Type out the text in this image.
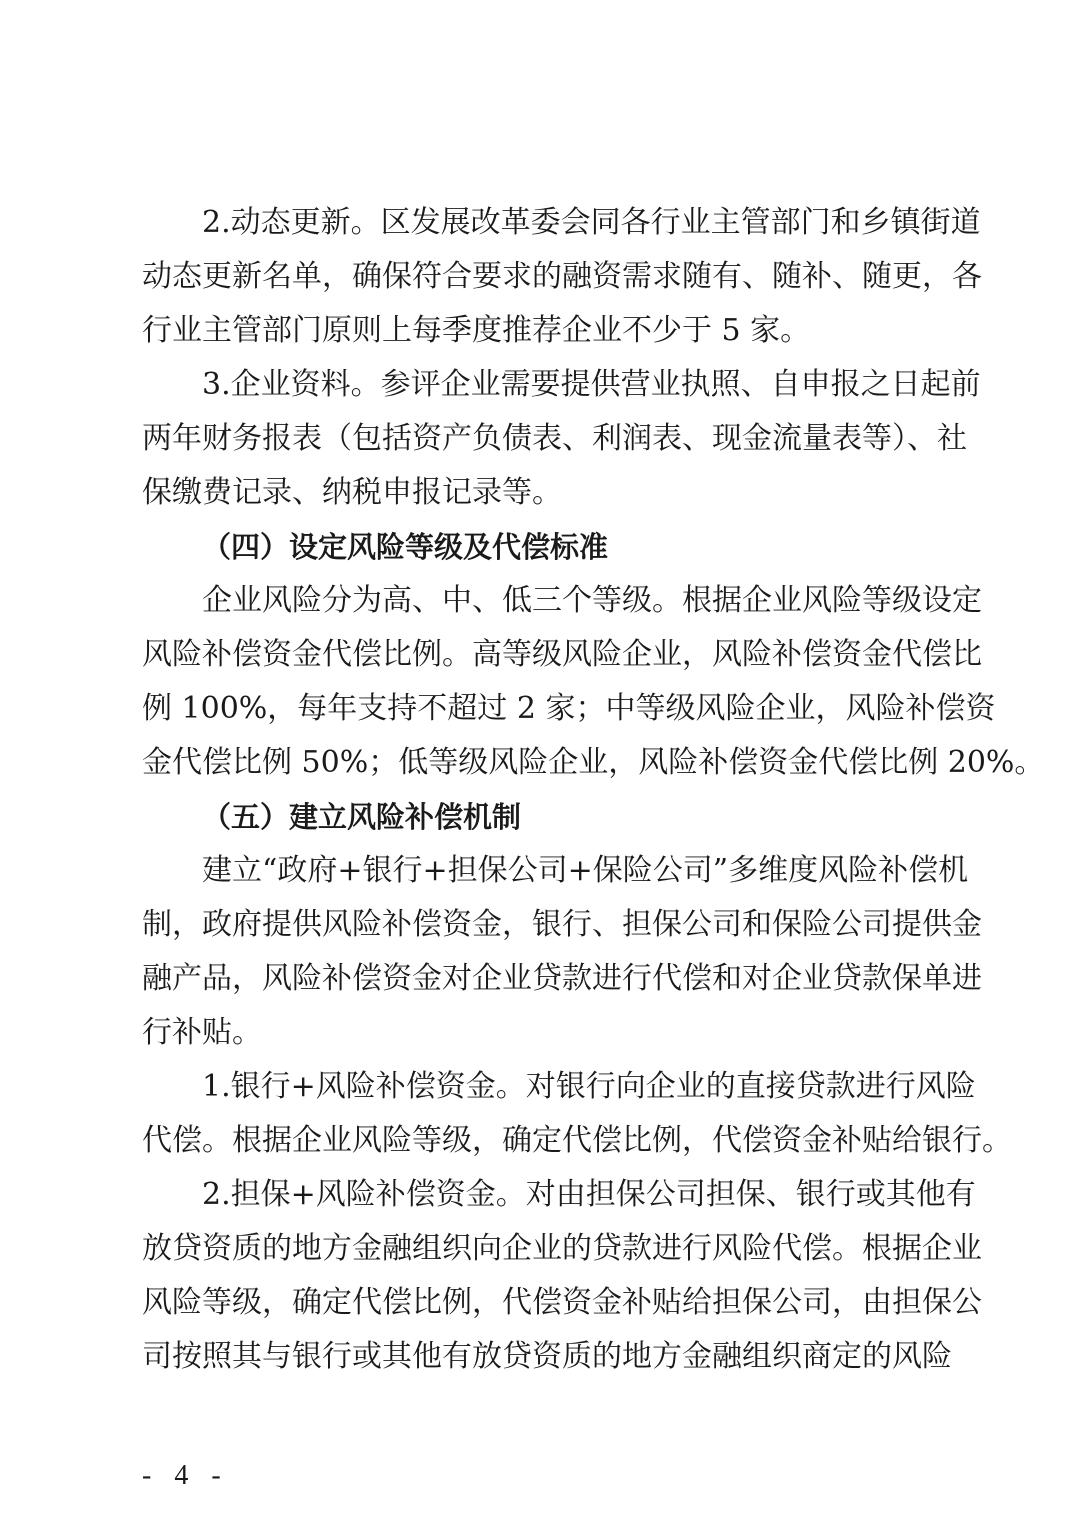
2.动态更新。区发展改革委会同各行业主管部门和乡镇街道
动态更新名单，确保符合要求的融资需求随有、随补、随更，各
行业主管部门原则上每季度推荐企业不少于 5 家。
3.企业资料。参评企业需要提供营业执照、自申报之日起前
两年财务报表（包括资产负债表、利润表、现金流量表等）、社
保缴费记录、纳税申报记录等。
（四）设定风险等级及代偿标准
企业风险分为高、中、低三个等级。根据企业风险等级设定
风险补偿资金代偿比例。高等级风险企业，风险补偿资金代偿比
例 100%，每年支持不超过 2 家；中等级风险企业，风险补偿资
金代偿比例 50%；低等级风险企业，风险补偿资金代偿比例 20%。
（五）建立风险补偿机制
建立“政府+银行+担保公司+保险公司”多维度风险补偿机
制，政府提供风险补偿资金，银行、担保公司和保险公司提供金
融产品，风险补偿资金对企业贷款进行代偿和对企业贷款保单进
行补贴。
1.银行+风险补偿资金。对银行向企业的直接贷款进行风险
代偿。根据企业风险等级，确定代偿比例，代偿资金补贴给银行。
2.担保+风险补偿资金。对由担保公司担保、银行或其他有
放贷资质的地方金融组织向企业的贷款进行风险代偿。根据企业
风险等级，确定代偿比例，代偿资金补贴给担保公司，由担保公
司按照其与银行或其他有放贷资质的地方金融组织商定的风险
- 4 -
